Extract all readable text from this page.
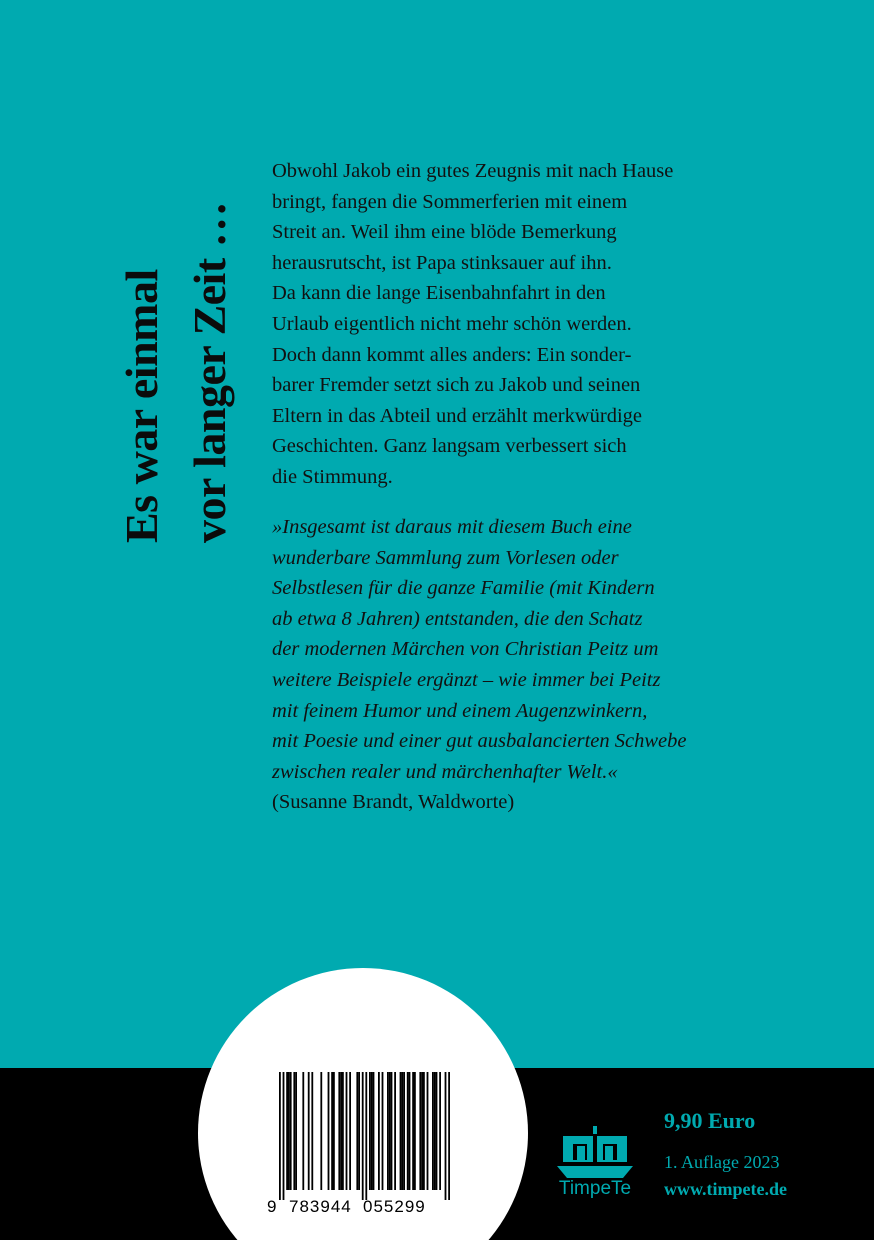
Es war einmal vor langer Zeit …

Obwohl Jakob ein gutes Zeugnis mit nach Hause

bringt, fangen die Sommerferien mit einem

Streit an. Weil ihm eine blöde Bemerkung

herausrutscht, ist Papa stinksauer auf ihn.

Da kann die lange Eisenbahnfahrt in den

Urlaub eigentlich nicht mehr schön werden.

Doch dann kommt alles anders: Ein sonder-

barer Fremder setzt sich zu Jakob und seinen

Eltern in das Abteil und erzählt merkwürdige

Geschichten. Ganz langsam verbessert sich

die Stimmung.

»Insgesamt ist daraus mit diesem Buch eine
wunderbare Sammlung zum Vorlesen oder
Selbstlesen für die ganze Familie (mit Kindern
ab etwa 8 Jahren) entstanden, die den Schatz
der modernen Märchen von Christian Peitz um
weitere Beispiele ergänzt – wie immer bei Peitz
mit feinem Humor und einem Augenzwinkern,
mit Poesie und einer gut ausbalancierten Schwebe
zwischen realer und märchenhafter Welt.«
(Susanne Brandt, Waldworte)
9 783944 055299
TimpeTe
9,90 Euro
1. Auflage 2023
www.timpete.de
